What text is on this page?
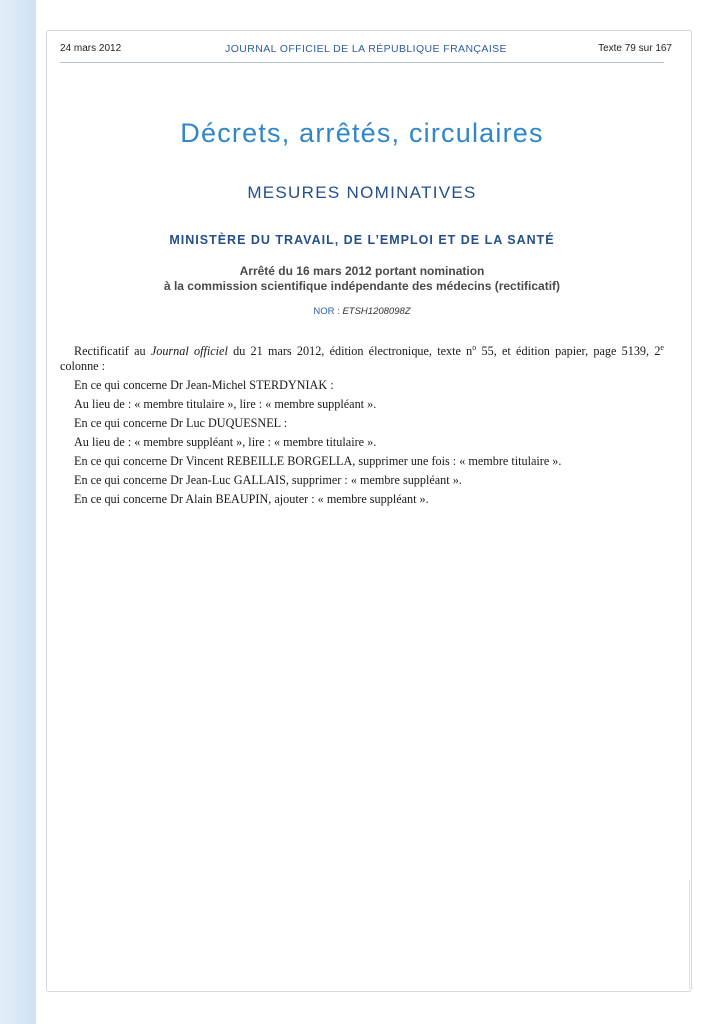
24 mars 2012	JOURNAL OFFICIEL DE LA RÉPUBLIQUE FRANÇAISE	Texte 79 sur 167
Décrets, arrêtés, circulaires
MESURES NOMINATIVES
MINISTÈRE DU TRAVAIL, DE L’EMPLOI ET DE LA SANTÉ
Arrêté du 16 mars 2012 portant nomination
à la commission scientifique indépendante des médecins (rectificatif)
NOR : ETSH1208098Z

Rectificatif au Journal officiel du 21 mars 2012, édition électronique, texte $n^o$ 55, et édition papier, page 5139, 2e colonne :

En ce qui concerne Dr Jean-Michel STERDYNIAK :

Au lieu de : « membre titulaire », lire : « membre suppléant ».

En ce qui concerne Dr Luc DUQUESNEL :

Au lieu de : « membre suppléant », lire : « membre titulaire ».

En ce qui concerne Dr Vincent REBEILLE BORGELLA, supprimer une fois : « membre titulaire ».

En ce qui concerne Dr Jean-Luc GALLAIS, supprimer : « membre suppléant ».

En ce qui concerne Dr Alain BEAUPIN, ajouter : « membre suppléant ».
